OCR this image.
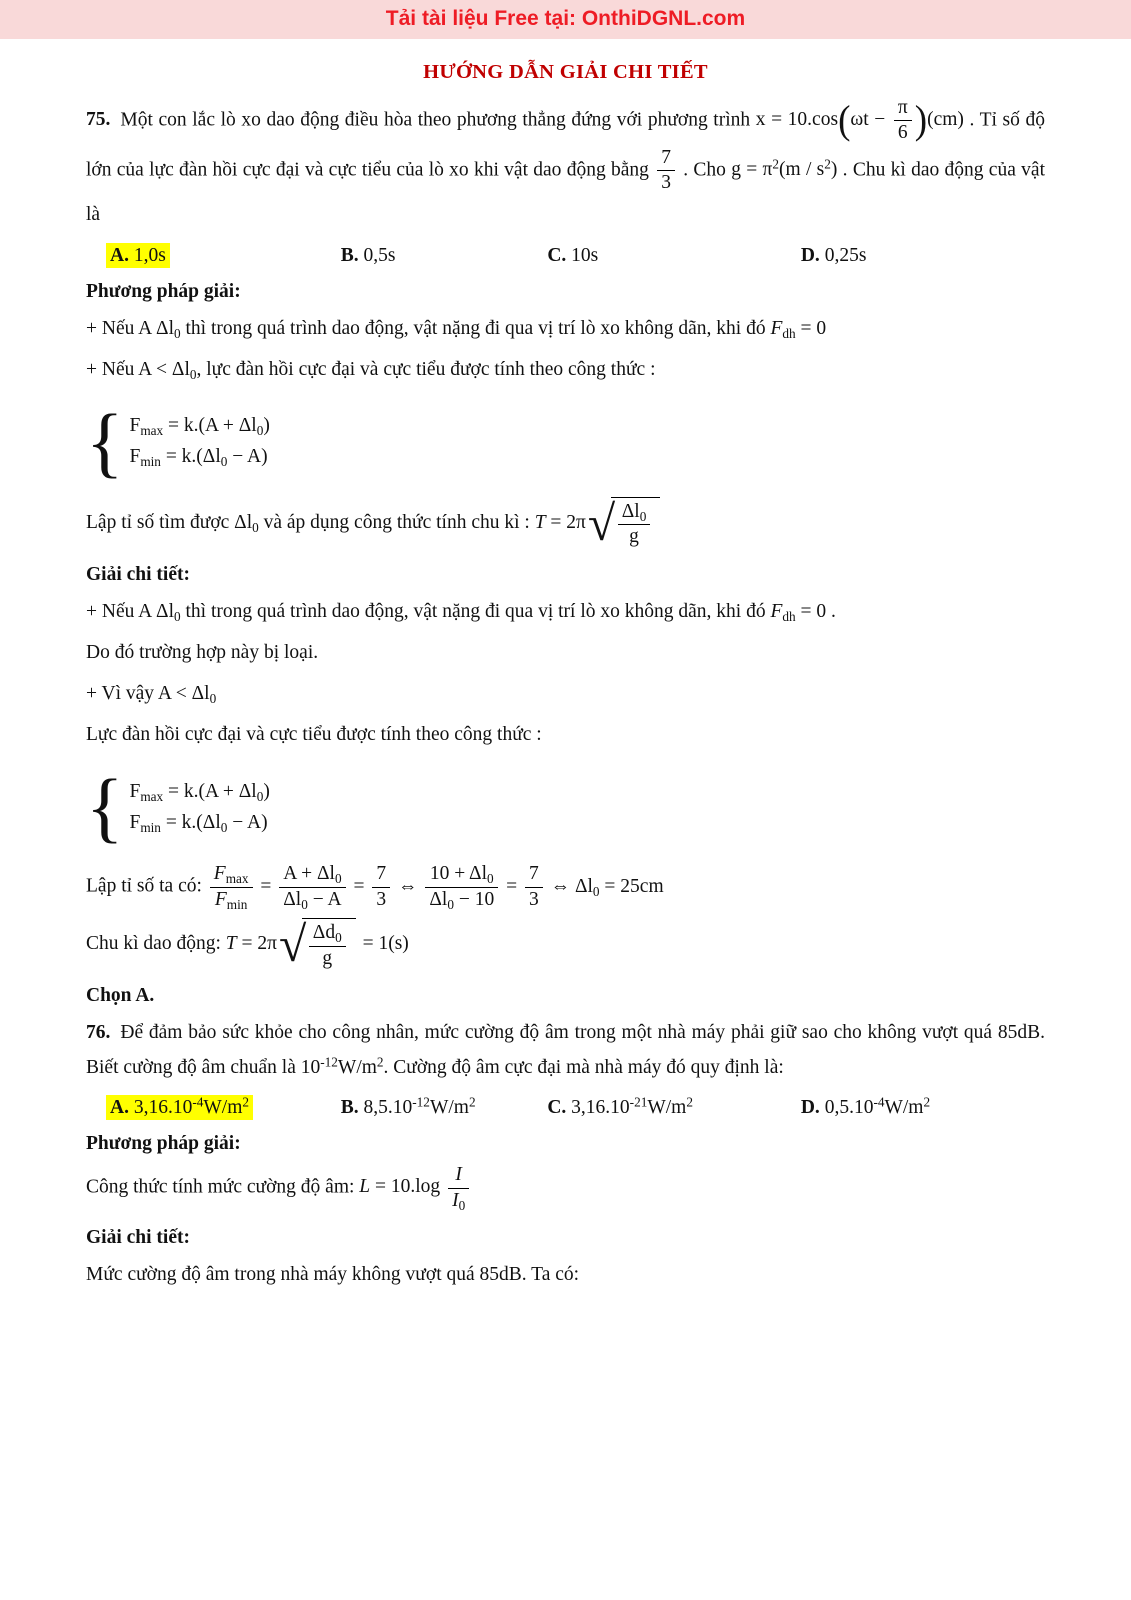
Tải tài liệu Free tại: OnthiDGNL.com
HƯỚNG DẪN GIẢI CHI TIẾT

75. Một con lắc lò xo dao động điều hòa theo phương thẳng đứng với phương trình $x = 10.\cos(\omega t - \frac{\pi}{6} )(cm)$ . Tỉ số độ lớn của lực đàn hồi cực đại và cực tiểu của lò xo khi vật dao động bằng $\frac{7}{3}$ . Cho $g = \pi^2(m / s^2)$ . Chu kì dao động của vật là

A. 1,0s	B. 0,5s	C. 10s	D. 0,25s

Phương pháp giải:

+ Nếu A $\Delta l_0$ thì trong quá trình dao động, vật nặng đi qua vị trí lò xo không dãn, khi đó $F_{dh} = 0$

+ Nếu $A < \Delta l_0$, lực đàn hồi cực đại và cực tiểu được tính theo công thức :

{ $F_{max} = k.(A + \Delta l_0)$
$F_{min} = k.(\Delta l_0 - A)$

Lập tỉ số tìm được $\Delta l_0$ và áp dụng công thức tính chu kì : T = 2π √ $\frac{\Delta l_0}{g}$

Giải chi tiết:

+ Nếu A $\Delta l_0$ thì trong quá trình dao động, vật nặng đi qua vị trí lò xo không dãn, khi đó $F_{dh} = 0$ .

Do đó trường hợp này bị loại.

+ Vì vậy $A < \Delta l_0$

Lực đàn hồi cực đại và cực tiểu được tính theo công thức :

{ $F_{max} = k.(A + \Delta l_0)$
$F_{min} = k.(\Delta l_0 - A)$

Lập tỉ số ta có: $\frac{F_{max}}{F_{min}} = \frac{A + \Delta l_0}{\Delta l_0 - A} = \frac{7}{3}$ ⇔ $\frac{10 + \Delta l_0}{\Delta l_0 - 10} = \frac{7}{3}$ ⇔ $\Delta l_0 = 25cm$

Chu kì dao động: T = 2π √ $\frac{\Delta d_0}{g} = 1(s)$

Chọn A.

76. Để đảm bảo sức khỏe cho công nhân, mức cường độ âm trong một nhà máy phải giữ sao cho không vượt quá 85dB. Biết cường độ âm chuẩn là $10^{-12}W/m^2$. Cường độ âm cực đại mà nhà máy đó quy định là:

A. $3,16.10^{-4}W/m^2$	B. $8,5.10^{-12}W/m^2$	C. $3,16.10^{-21}W/m^2$	D. $0,5.10^{-4}W/m^2$

Phương pháp giải:

Công thức tính mức cường độ âm: $L = 10.\log \frac{I}{I_0}$

Giải chi tiết:

Mức cường độ âm trong nhà máy không vượt quá 85dB. Ta có:
